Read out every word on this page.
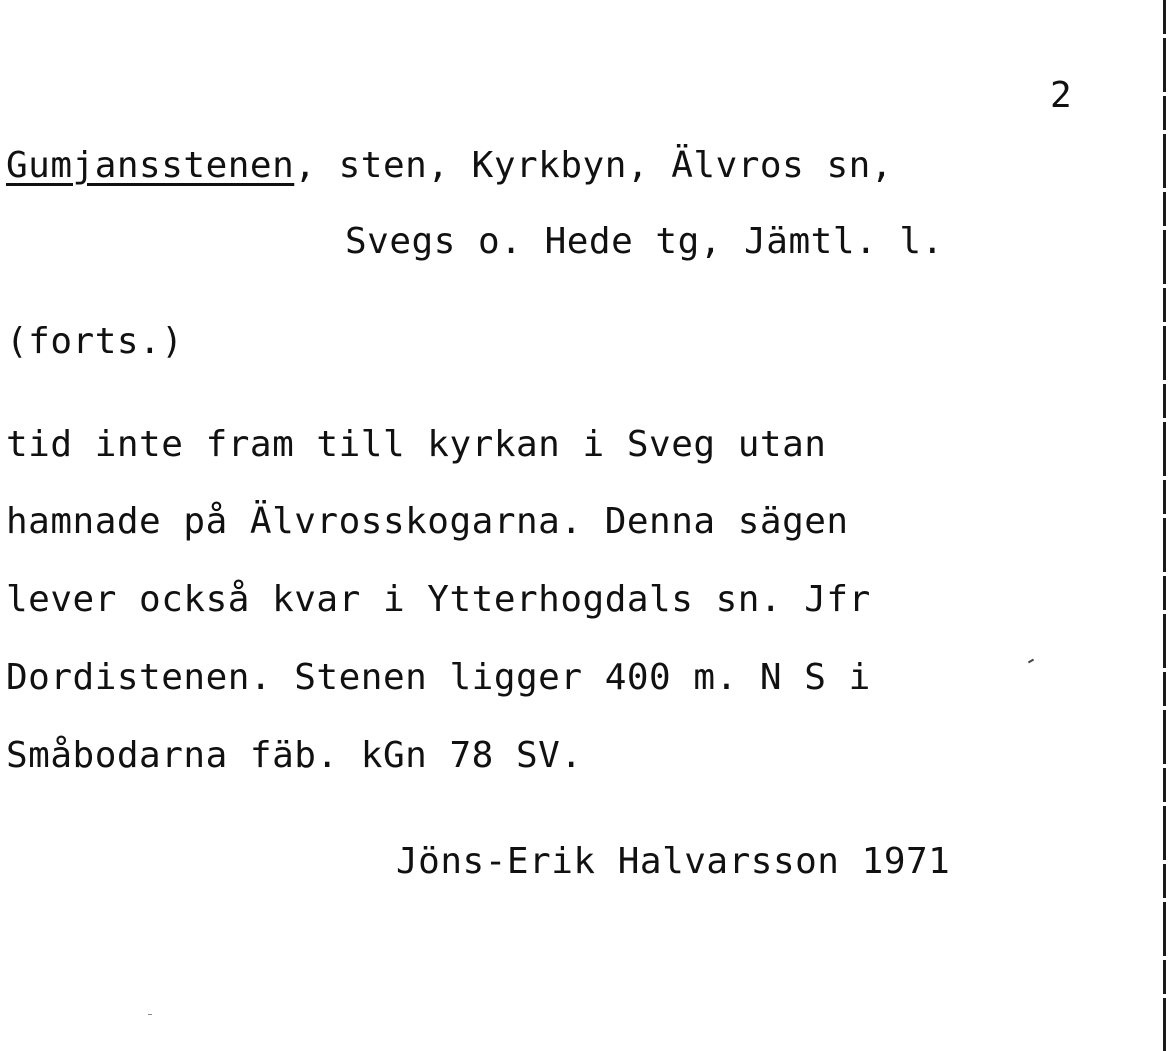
2
Gumjansstenen, sten, Kyrkbyn, Älvros sn,
Svegs o. Hede tg, Jämtl. l.
(forts.)
tid inte fram till kyrkan i Sveg utan
hamnade på Älvrosskogarna. Denna sägen
lever också kvar i Ytterhogdals sn. Jfr
Dordistenen. Stenen ligger 400 m. N S i
Småbodarna fäb. kGn 78 SV.
Jöns-Erik Halvarsson 1971
